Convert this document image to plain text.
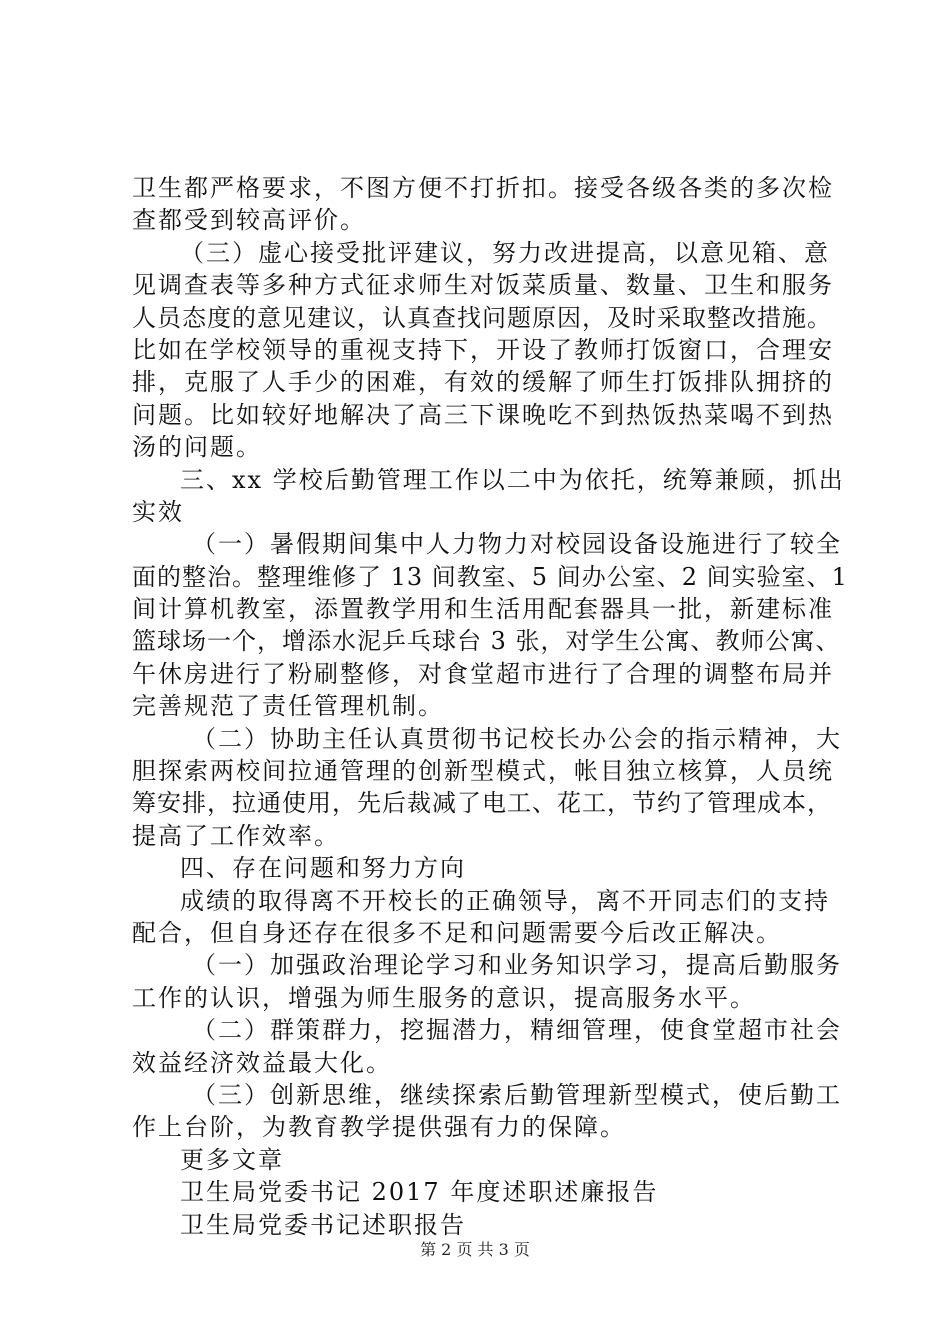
卫生都严格要求，不图方便不打折扣。接受各级各类的多次检
查都受到较高评价。
（三）虚心接受批评建议，努力改进提高，以意见箱、意
见调查表等多种方式征求师生对饭菜质量、数量、卫生和服务
人员态度的意见建议，认真查找问题原因，及时采取整改措施。
比如在学校领导的重视支持下，开设了教师打饭窗口，合理安
排，克服了人手少的困难，有效的缓解了师生打饭排队拥挤的
问题。比如较好地解决了高三下课晚吃不到热饭热菜喝不到热
汤的问题。
三、xx 学校后勤管理工作以二中为依托，统筹兼顾，抓出
实效
（一）暑假期间集中人力物力对校园设备设施进行了较全
面的整治。整理维修了 13 间教室、5 间办公室、2 间实验室、1
间计算机教室，添置教学用和生活用配套器具一批，新建标准
篮球场一个，增添水泥乒乓球台 3 张，对学生公寓、教师公寓、
午休房进行了粉刷整修，对食堂超市进行了合理的调整布局并
完善规范了责任管理机制。
（二）协助主任认真贯彻书记校长办公会的指示精神，大
胆探索两校间拉通管理的创新型模式，帐目独立核算，人员统
筹安排，拉通使用，先后裁减了电工、花工，节约了管理成本，
提高了工作效率。
四、存在问题和努力方向
成绩的取得离不开校长的正确领导，离不开同志们的支持
配合，但自身还存在很多不足和问题需要今后改正解决。
（一）加强政治理论学习和业务知识学习，提高后勤服务
工作的认识，增强为师生服务的意识，提高服务水平。
（二）群策群力，挖掘潜力，精细管理，使食堂超市社会
效益经济效益最大化。
（三）创新思维，继续探索后勤管理新型模式，使后勤工
作上台阶，为教育教学提供强有力的保障。
更多文章
卫生局党委书记 2017 年度述职述廉报告
卫生局党委书记述职报告
第 2 页 共 3 页
